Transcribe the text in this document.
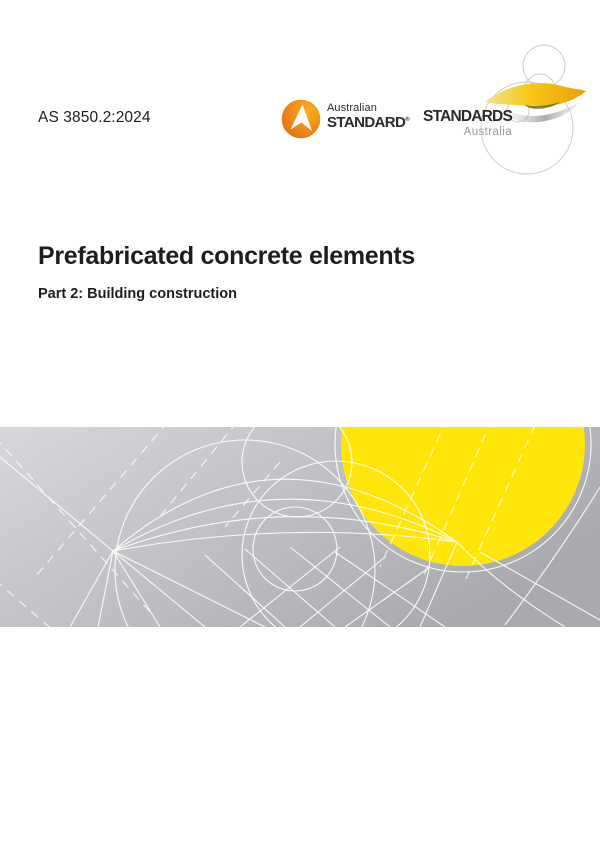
AS 3850.2:2024
Australian
STANDARD® STANDARDS
Australia
Prefabricated concrete elements
Part 2: Building construction
